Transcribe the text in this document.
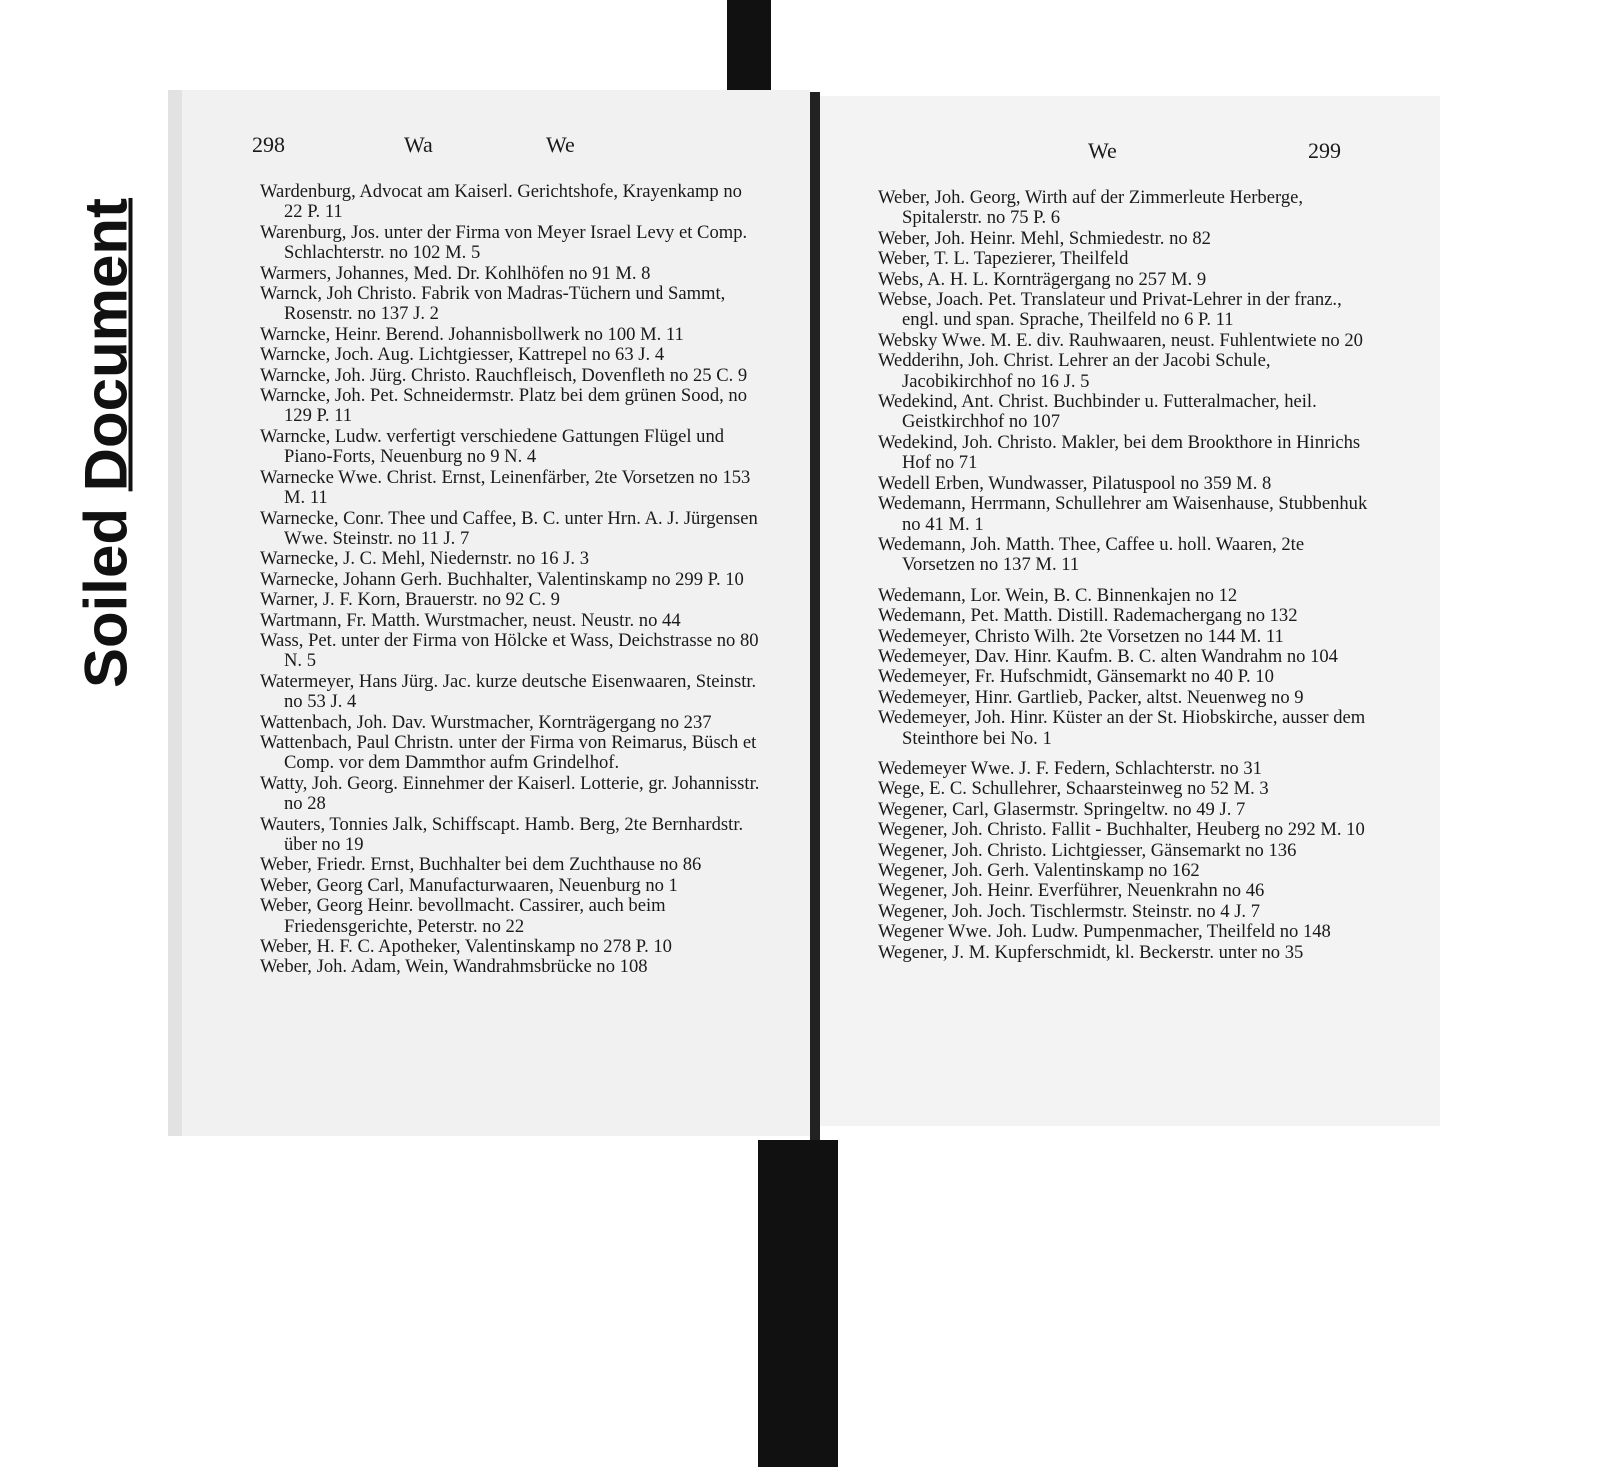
Soiled Document
298	Wa	We

Wardenburg, Advocat am Kaiserl. Gerichtshofe, Krayenkamp no 22 P. 11

Warenburg, Jos. unter der Firma von Meyer Israel Levy et Comp. Schlachterstr. no 102 M. 5

Warmers, Johannes, Med. Dr. Kohlhöfen no 91 M. 8

Warnck, Joh Christo. Fabrik von Madras-Tüchern und Sammt, Rosenstr. no 137 J. 2

Warncke, Heinr. Berend. Johannisbollwerk no 100 M. 11

Warncke, Joch. Aug. Lichtgiesser, Kattrepel no 63 J. 4

Warncke, Joh. Jürg. Christo. Rauchfleisch, Dovenfleth no 25 C. 9

Warncke, Joh. Pet. Schneidermstr. Platz bei dem grünen Sood, no 129 P. 11

Warncke, Ludw. verfertigt verschiedene Gattungen Flügel und Piano-Forts, Neuenburg no 9 N. 4

Warnecke Wwe. Christ. Ernst, Leinenfärber, 2te Vorsetzen no 153 M. 11

Warnecke, Conr. Thee und Caffee, B. C. unter Hrn. A. J. Jürgensen Wwe. Steinstr. no 11 J. 7

Warnecke, J. C. Mehl, Niedernstr. no 16 J. 3

Warnecke, Johann Gerh. Buchhalter, Valentinskamp no 299 P. 10

Warner, J. F. Korn, Brauerstr. no 92 C. 9

Wartmann, Fr. Matth. Wurstmacher, neust. Neustr. no 44

Wass, Pet. unter der Firma von Hölcke et Wass, Deichstrasse no 80 N. 5

Watermeyer, Hans Jürg. Jac. kurze deutsche Eisenwaaren, Steinstr. no 53 J. 4

Wattenbach, Joh. Dav. Wurstmacher, Kornträgergang no 237

Wattenbach, Paul Christn. unter der Firma von Reimarus, Büsch et Comp. vor dem Dammthor aufm Grindelhof.

Watty, Joh. Georg. Einnehmer der Kaiserl. Lotterie, gr. Johannisstr. no 28

Wauters, Tonnies Jalk, Schiffscapt. Hamb. Berg, 2te Bernhardstr. über no 19

Weber, Friedr. Ernst, Buchhalter bei dem Zuchthause no 86

Weber, Georg Carl, Manufacturwaaren, Neuenburg no 1

Weber, Georg Heinr. bevollmacht. Cassirer, auch beim Friedensgerichte, Peterstr. no 22

Weber, H. F. C. Apotheker, Valentinskamp no 278 P. 10

Weber, Joh. Adam, Wein, Wandrahmsbrücke no 108

We	299

Weber, Joh. Georg, Wirth auf der Zimmerleute Herberge, Spitalerstr. no 75 P. 6

Weber, Joh. Heinr. Mehl, Schmiedestr. no 82

Weber, T. L. Tapezierer, Theilfeld

Webs, A. H. L. Kornträgergang no 257 M. 9

Webse, Joach. Pet. Translateur und Privat-Lehrer in der franz., engl. und span. Sprache, Theilfeld no 6 P. 11

Websky Wwe. M. E. div. Rauhwaaren, neust. Fuhlentwiete no 20

Wedderihn, Joh. Christ. Lehrer an der Jacobi Schule, Jacobikirchhof no 16 J. 5

Wedekind, Ant. Christ. Buchbinder u. Futteralmacher, heil. Geistkirchhof no 107

Wedekind, Joh. Christo. Makler, bei dem Brookthore in Hinrichs Hof no 71

Wedell Erben, Wundwasser, Pilatuspool no 359 M. 8

Wedemann, Herrmann, Schullehrer am Waisenhause, Stubbenhuk no 41 M. 1

Wedemann, Joh. Matth. Thee, Caffee u. holl. Waaren, 2te Vorsetzen no 137 M. 11

Wedemann, Lor. Wein, B. C. Binnenkajen no 12

Wedemann, Pet. Matth. Distill. Rademachergang no 132

Wedemeyer, Christo Wilh. 2te Vorsetzen no 144 M. 11

Wedemeyer, Dav. Hinr. Kaufm. B. C. alten Wandrahm no 104

Wedemeyer, Fr. Hufschmidt, Gänsemarkt no 40 P. 10

Wedemeyer, Hinr. Gartlieb, Packer, altst. Neuenweg no 9

Wedemeyer, Joh. Hinr. Küster an der St. Hiobskirche, ausser dem Steinthore bei No. 1

Wedemeyer Wwe. J. F. Federn, Schlachterstr. no 31

Wege, E. C. Schullehrer, Schaarsteinweg no 52 M. 3

Wegener, Carl, Glasermstr. Springeltw. no 49 J. 7

Wegener, Joh. Christo. Fallit - Buchhalter, Heuberg no 292 M. 10

Wegener, Joh. Christo. Lichtgiesser, Gänsemarkt no 136

Wegener, Joh. Gerh. Valentinskamp no 162

Wegener, Joh. Heinr. Everführer, Neuenkrahn no 46

Wegener, Joh. Joch. Tischlermstr. Steinstr. no 4 J. 7

Wegener Wwe. Joh. Ludw. Pumpenmacher, Theilfeld no 148

Wegener, J. M. Kupferschmidt, kl. Beckerstr. unter no 35
